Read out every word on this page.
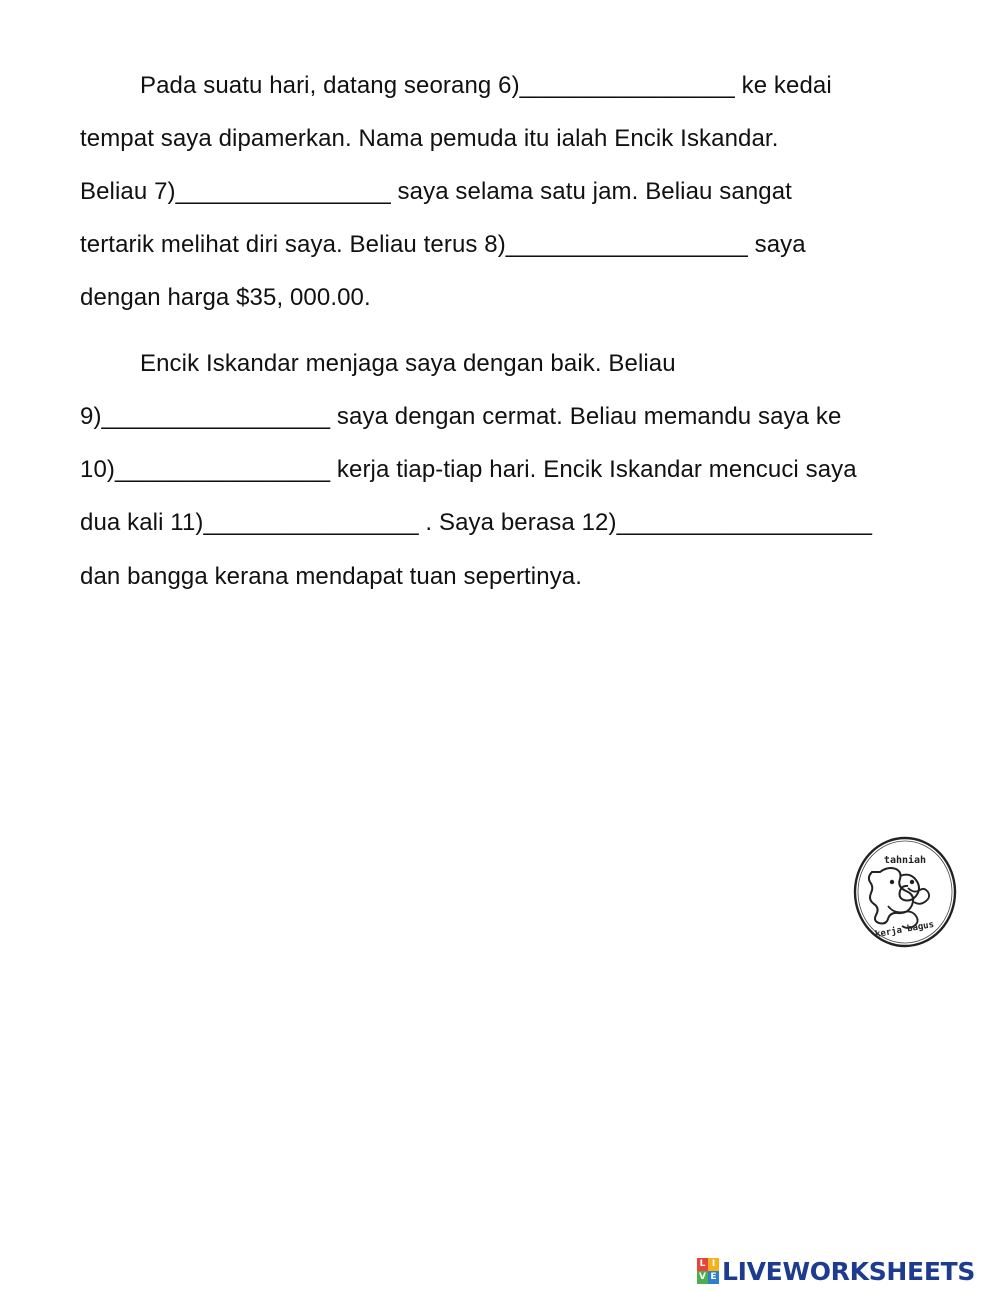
Pada suatu hari, datang seorang 6)________________ ke kedai
tempat saya dipamerkan. Nama pemuda itu ialah Encik Iskandar.
Beliau 7)________________ saya selama satu jam. Beliau sangat
tertarik melihat diri saya. Beliau terus 8)__________________ saya
dengan harga $35, 000.00.
Encik Iskandar menjaga saya dengan baik. Beliau
9)_________________ saya dengan cermat. Beliau memandu saya ke
10)________________ kerja tiap-tiap hari. Encik Iskandar mencuci saya
dua kali 11)________________ . Saya berasa 12)___________________
dan bangga kerana mendapat tuan sepertinya.
tahniah
kerja bagus
L I
V E LIVEWORKSHEETS
